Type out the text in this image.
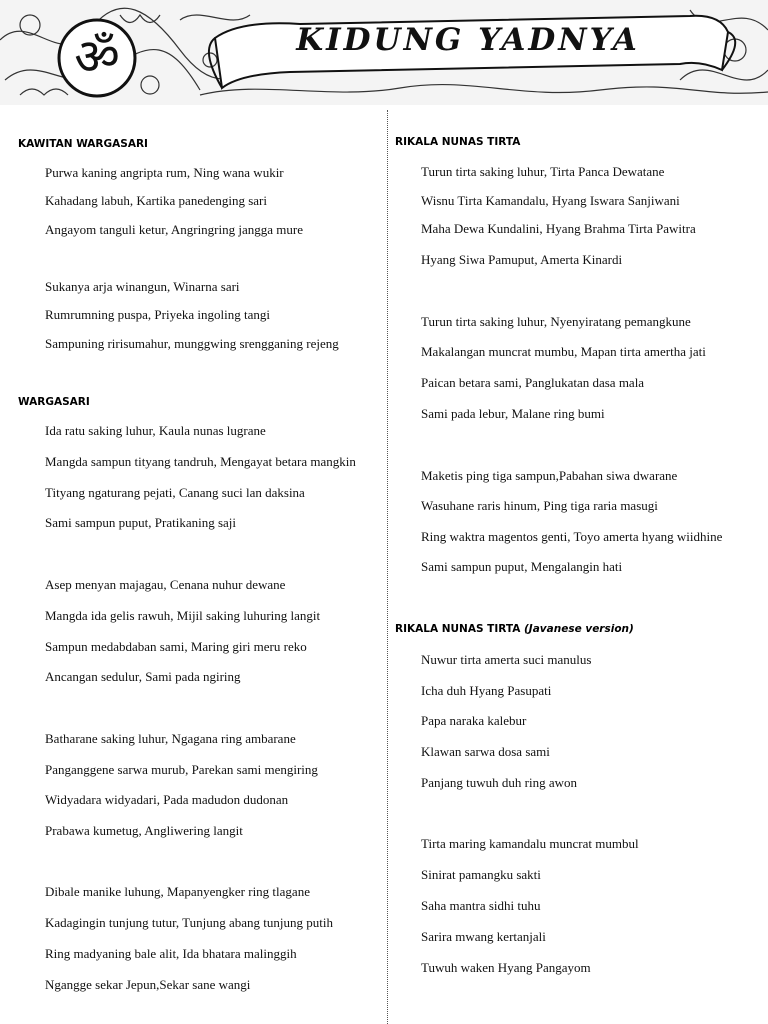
ॐ	KIDUNG YADNYA
KAWITAN WARGASARI
Purwa kaning angripta rum, Ning wana wukir
Kahadang labuh, Kartika panedenging sari
Angayom tanguli ketur, Angringring jangga mure
Sukanya arja winangun, Winarna sari
Rumrumning puspa, Priyeka ingoling tangi
Sampuning ririsumahur, munggwing srengganing rejeng
WARGASARI
Ida ratu saking luhur, Kaula nunas lugrane
Mangda sampun tityang tandruh, Mengayat betara mangkin
Tityang ngaturang pejati, Canang suci lan daksina
Sami sampun puput, Pratikaning saji
Asep menyan majagau, Cenana nuhur dewane
Mangda ida gelis rawuh, Mijil saking luhuring langit
Sampun medabdaban sami, Maring giri meru reko
Ancangan sedulur, Sami pada ngiring
Batharane saking luhur, Ngagana ring ambarane
Panganggene sarwa murub, Parekan sami mengiring
Widyadara widyadari, Pada madudon dudonan
Prabawa kumetug, Angliwering langit
Dibale manike luhung, Mapanyengker ring tlagane
Kadagingin tunjung tutur, Tunjung abang tunjung putih
Ring madyaning bale alit, Ida bhatara malinggih
Ngangge sekar Jepun,Sekar sane wangi
RIKALA NUNAS TIRTA
Turun tirta saking luhur, Tirta Panca Dewatane
Wisnu Tirta Kamandalu, Hyang Iswara Sanjiwani
Maha Dewa Kundalini, Hyang Brahma Tirta Pawitra
Hyang Siwa Pamuput, Amerta Kinardi
Turun tirta saking luhur, Nyenyiratang pemangkune
Makalangan muncrat mumbu, Mapan tirta amertha jati
Paican betara sami, Panglukatan dasa mala
Sami pada lebur, Malane ring bumi
Maketis ping tiga sampun,Pabahan siwa dwarane
Wasuhane raris hinum, Ping tiga raria masugi
Ring waktra magentos genti, Toyo amerta hyang wiidhine
Sami sampun puput, Mengalangin hati
RIKALA NUNAS TIRTA (Javanese version)
Nuwur tirta amerta suci manulus
Icha duh Hyang Pasupati
Papa naraka kalebur
Klawan sarwa dosa sami
Panjang tuwuh duh ring awon
Tirta maring kamandalu muncrat mumbul
Sinirat pamangku sakti
Saha mantra sidhi tuhu
Sarira mwang kertanjali
Tuwuh waken Hyang Pangayom
